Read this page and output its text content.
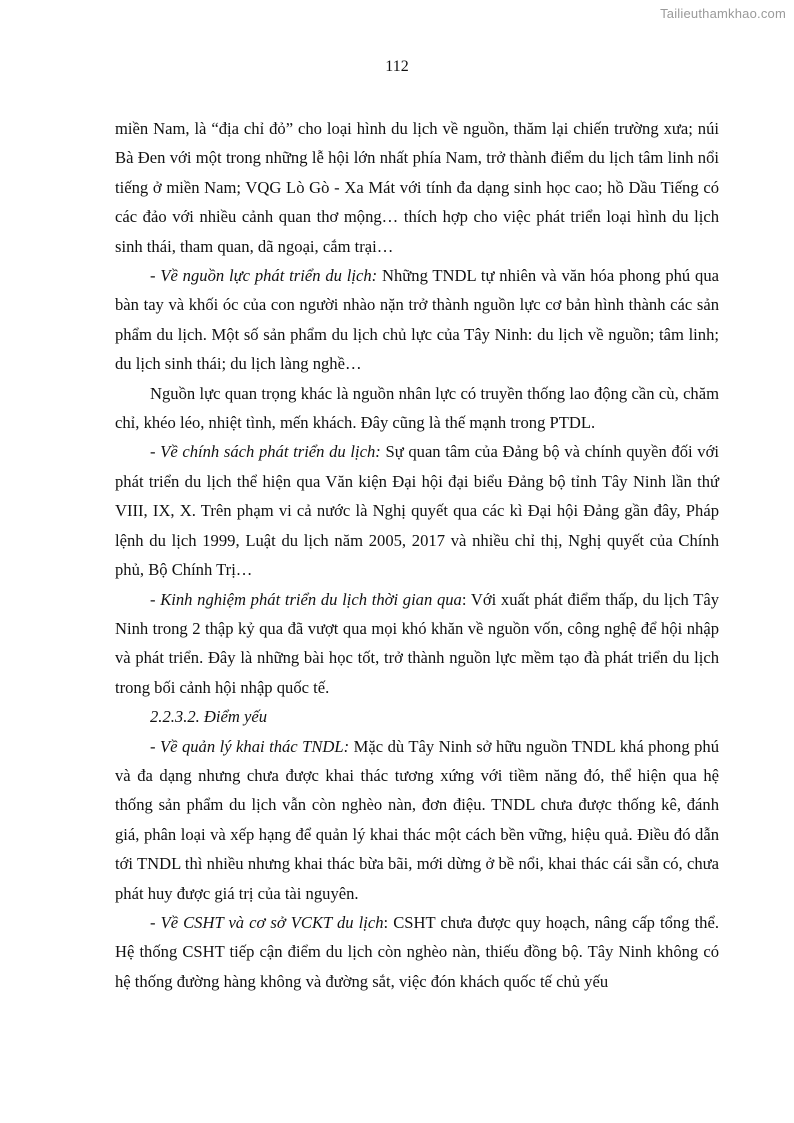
Tailieuthamkhao.com
112

miền Nam, là “địa chỉ đỏ” cho loại hình du lịch về nguồn, thăm lại chiến trường xưa; núi Bà Đen với một trong những lễ hội lớn nhất phía Nam, trở thành điểm du lịch tâm linh nổi tiếng ở miền Nam; VQG Lò Gò - Xa Mát với tính đa dạng sinh học cao; hồ Dầu Tiếng có các đảo với nhiều cảnh quan thơ mộng… thích hợp cho việc phát triển loại hình du lịch sinh thái, tham quan, dã ngoại, cắm trại…

- Về nguồn lực phát triển du lịch: Những TNDL tự nhiên và văn hóa phong phú qua bàn tay và khối óc của con người nhào nặn trở thành nguồn lực cơ bản hình thành các sản phẩm du lịch. Một số sản phẩm du lịch chủ lực của Tây Ninh: du lịch về nguồn; tâm linh; du lịch sinh thái; du lịch làng nghề…

Nguồn lực quan trọng khác là nguồn nhân lực có truyền thống lao động cần cù, chăm chỉ, khéo léo, nhiệt tình, mến khách. Đây cũng là thế mạnh trong PTDL.

- Về chính sách phát triển du lịch: Sự quan tâm của Đảng bộ và chính quyền đối với phát triển du lịch thể hiện qua Văn kiện Đại hội đại biểu Đảng bộ tỉnh Tây Ninh lần thứ VIII, IX, X. Trên phạm vi cả nước là Nghị quyết qua các kì Đại hội Đảng gần đây, Pháp lệnh du lịch 1999, Luật du lịch năm 2005, 2017 và nhiều chỉ thị, Nghị quyết của Chính phủ, Bộ Chính Trị…

- Kinh nghiệm phát triển du lịch thời gian qua: Với xuất phát điểm thấp, du lịch Tây Ninh trong 2 thập kỷ qua đã vượt qua mọi khó khăn về nguồn vốn, công nghệ để hội nhập và phát triển. Đây là những bài học tốt, trở thành nguồn lực mềm tạo đà phát triển du lịch trong bối cảnh hội nhập quốc tế.

2.2.3.2. Điểm yếu

- Về quản lý khai thác TNDL: Mặc dù Tây Ninh sở hữu nguồn TNDL khá phong phú và đa dạng nhưng chưa được khai thác tương xứng với tiềm năng đó, thể hiện qua hệ thống sản phẩm du lịch vẫn còn nghèo nàn, đơn điệu. TNDL chưa được thống kê, đánh giá, phân loại và xếp hạng để quản lý khai thác một cách bền vững, hiệu quả. Điều đó dẫn tới TNDL thì nhiều nhưng khai thác bừa bãi, mới dừng ở bề nổi, khai thác cái sẵn có, chưa phát huy được giá trị của tài nguyên.

- Về CSHT và cơ sở VCKT du lịch: CSHT chưa được quy hoạch, nâng cấp tổng thể. Hệ thống CSHT tiếp cận điểm du lịch còn nghèo nàn, thiếu đồng bộ. Tây Ninh không có hệ thống đường hàng không và đường sắt, việc đón khách quốc tế chủ yếu
